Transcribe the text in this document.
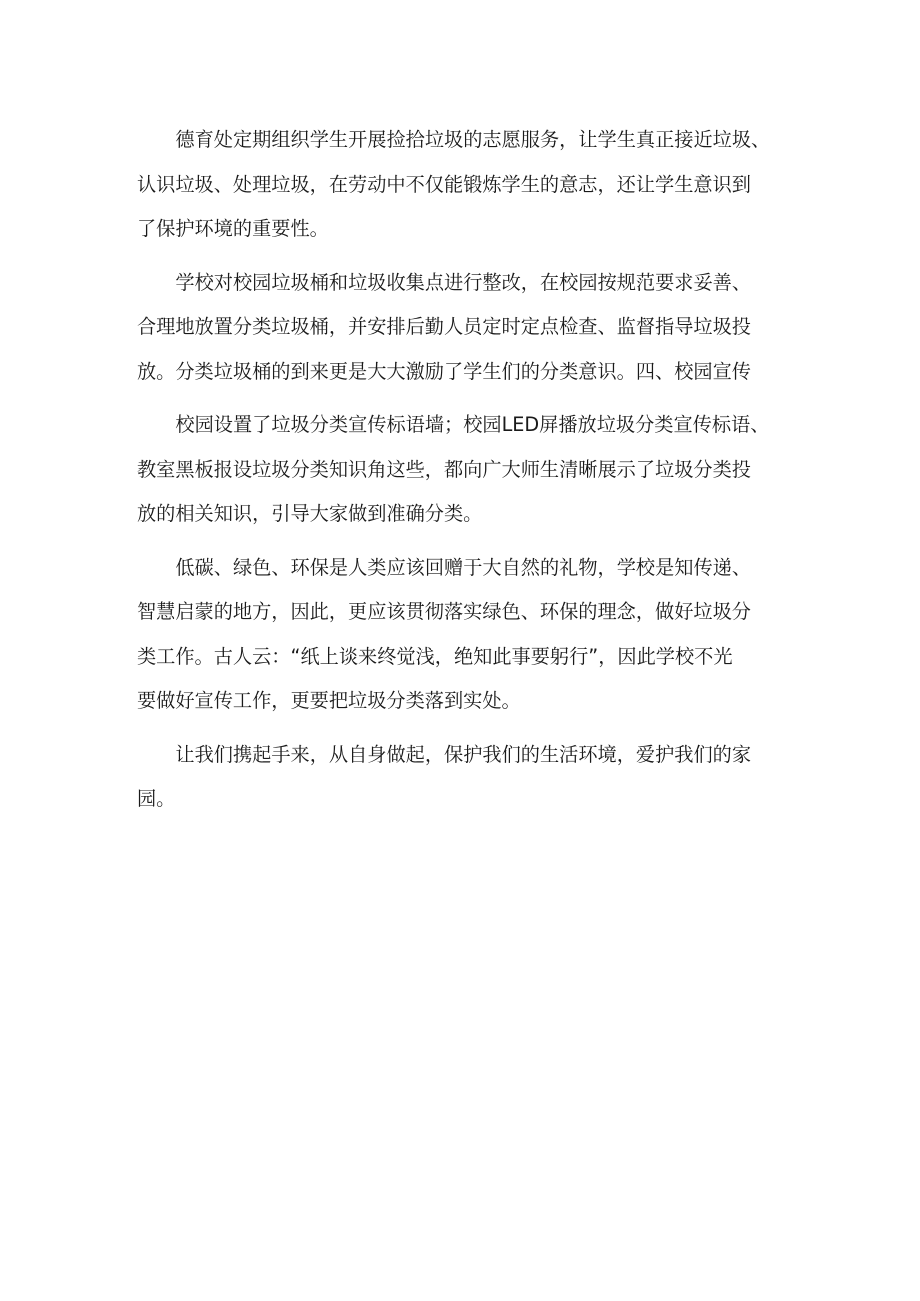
德育处定期组织学生开展捡拾垃圾的志愿服务，让学生真正接近垃圾、
认识垃圾、处理垃圾，在劳动中不仅能锻炼学生的意志，还让学生意识到
了保护环境的重要性。

学校对校园垃圾桶和垃圾收集点进行整改，在校园按规范要求妥善、
合理地放置分类垃圾桶，并安排后勤人员定时定点检查、监督指导垃圾投
放。分类垃圾桶的到来更是大大激励了学生们的分类意识。四、校园宣传

校园设置了垃圾分类宣传标语墙；校园LED屏播放垃圾分类宣传标语、
教室黑板报设垃圾分类知识角这些，都向广大师生清晰展示了垃圾分类投
放的相关知识，引导大家做到准确分类。

低碳、绿色、环保是人类应该回赠于大自然的礼物，学校是知传递、
智慧启蒙的地方，因此，更应该贯彻落实绿色、环保的理念，做好垃圾分
类工作。古人云：“纸上谈来终觉浅，绝知此事要躬行”，因此学校不光
要做好宣传工作，更要把垃圾分类落到实处。

让我们携起手来，从自身做起，保护我们的生活环境，爱护我们的家
园。
